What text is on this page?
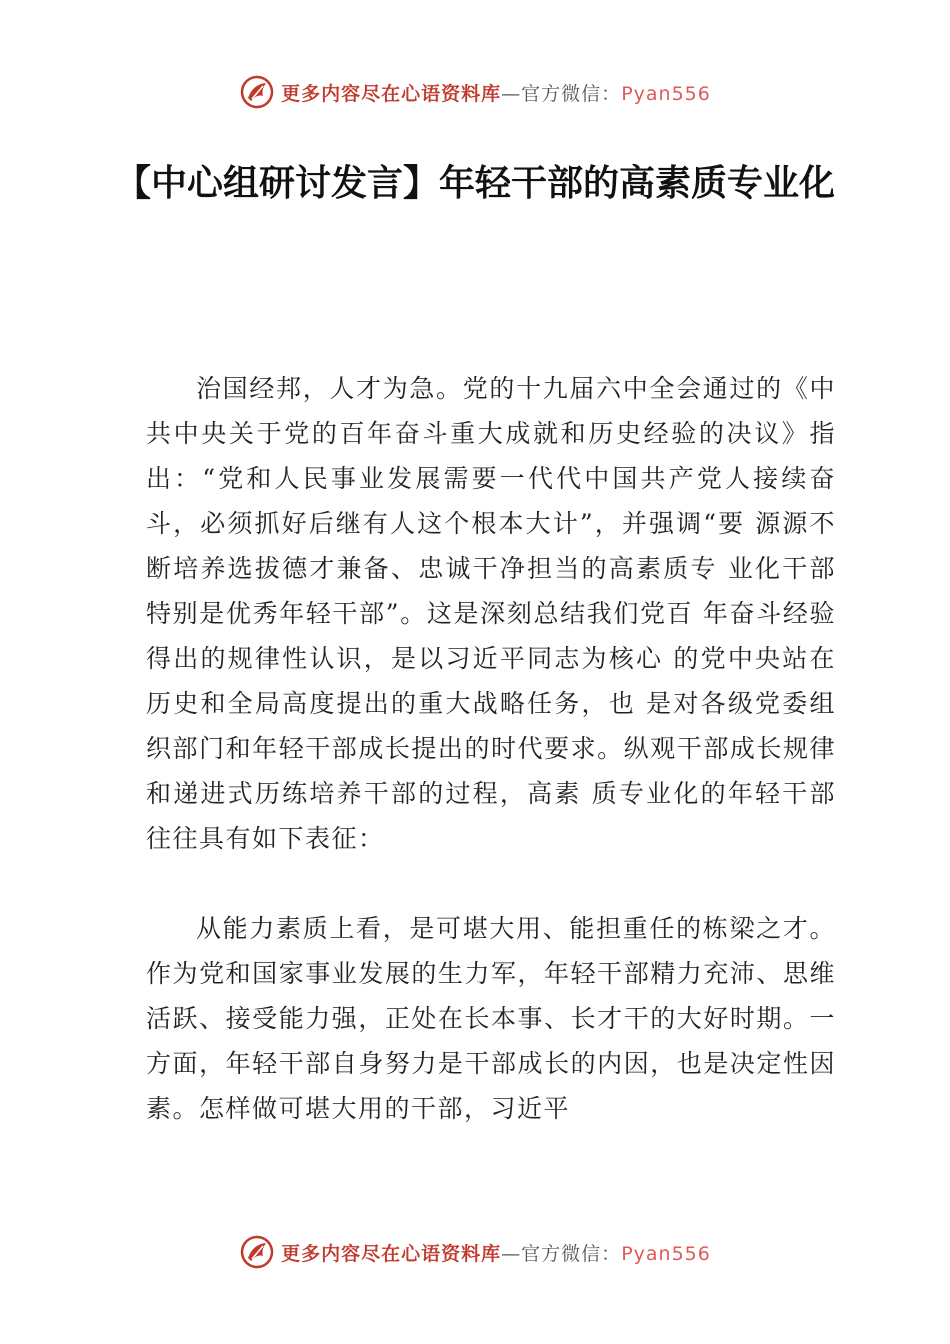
更多内容尽在心语资料库—官方微信：Pyan556
【中心组研讨发言】年轻干部的高素质专业化

治国经邦，人才为急。党的十九届六中全会通过的《中共中央关于党的百年奋斗重大成就和历史经验的决议》指出：“党和人民事业发展需要一代代中国共产党人接续奋斗，必须抓好后继有人这个根本大计”，并强调“要 源源不断培养选拔德才兼备、忠诚干净担当的高素质专 业化干部特别是优秀年轻干部”。这是深刻总结我们党百 年奋斗经验得出的规律性认识，是以习近平同志为核心 的党中央站在历史和全局高度提出的重大战略任务，也 是对各级党委组织部门和年轻干部成长提出的时代要求。纵观干部成长规律和递进式历练培养干部的过程，高素 质专业化的年轻干部往往具有如下表征：

从能力素质上看，是可堪大用、能担重任的栋梁之才。作为党和国家事业发展的生力军，年轻干部精力充沛、思维活跃、接受能力强，正处在长本事、长才干的大好时期。一方面，年轻干部自身努力是干部成长的内因，也是决定性因素。怎样做可堪大用的干部，习近平

更多内容尽在心语资料库—官方微信：Pyan556
